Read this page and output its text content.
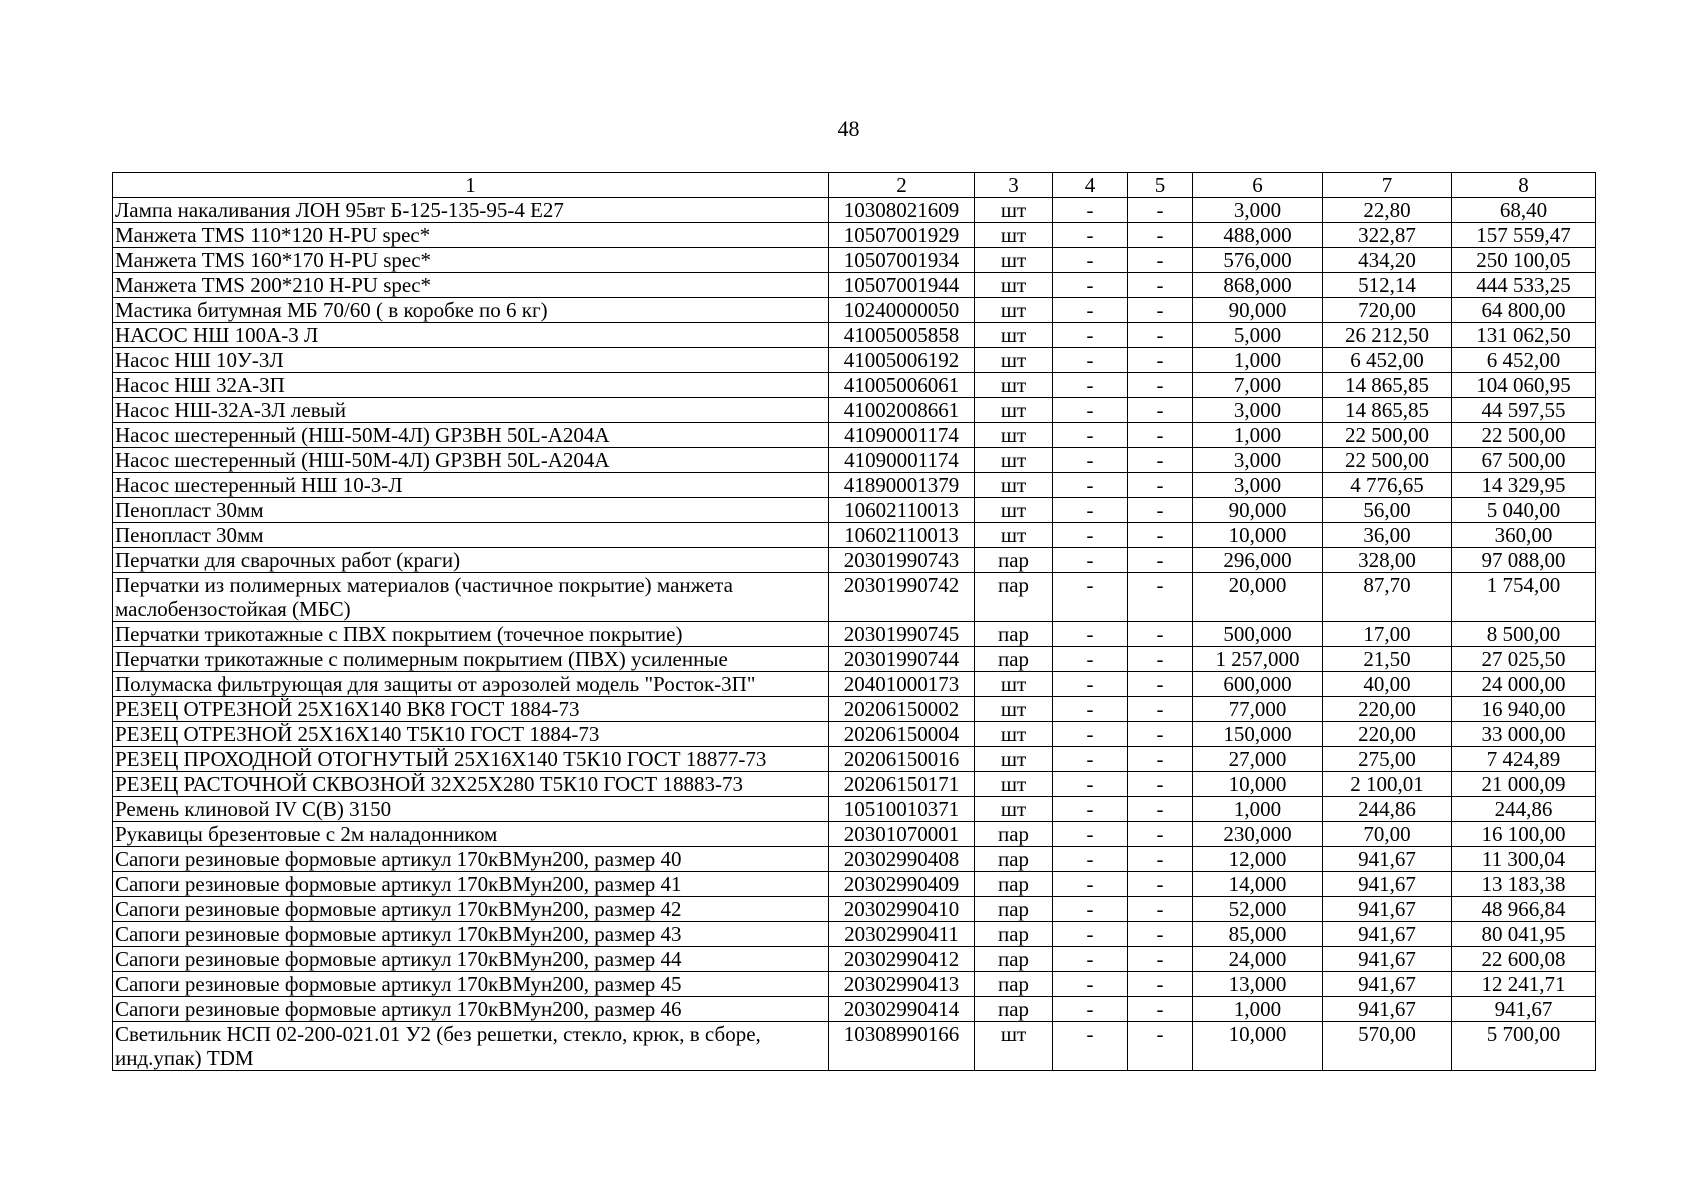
48
1	2	3	4	5	6	7	8
Лампа накаливания ЛОН 95вт Б-125-135-95-4 Е27	10308021609	шт	-	-	3,000	22,80	68,40
Манжета TMS 110*120 H-PU spec*	10507001929	шт	-	-	488,000	322,87	157 559,47
Манжета TMS 160*170 H-PU spec*	10507001934	шт	-	-	576,000	434,20	250 100,05
Манжета TMS 200*210 H-PU spec*	10507001944	шт	-	-	868,000	512,14	444 533,25
Мастика битумная МБ 70/60 ( в коробке по 6 кг)	10240000050	шт	-	-	90,000	720,00	64 800,00
НАСОС НШ 100А-3 Л	41005005858	шт	-	-	5,000	26 212,50	131 062,50
Насос НШ 10У-3Л	41005006192	шт	-	-	1,000	6 452,00	6 452,00
Насос НШ 32А-3П	41005006061	шт	-	-	7,000	14 865,85	104 060,95
Насос НШ-32А-3Л левый	41002008661	шт	-	-	3,000	14 865,85	44 597,55
Насос шестеренный (НШ-50М-4Л) GP3BH 50L-A204A	41090001174	шт	-	-	1,000	22 500,00	22 500,00
Насос шестеренный (НШ-50М-4Л) GP3BH 50L-A204A	41090001174	шт	-	-	3,000	22 500,00	67 500,00
Насос шестеренный НШ 10-3-Л	41890001379	шт	-	-	3,000	4 776,65	14 329,95
Пенопласт 30мм	10602110013	шт	-	-	90,000	56,00	5 040,00
Пенопласт 30мм	10602110013	шт	-	-	10,000	36,00	360,00
Перчатки для сварочных работ (краги)	20301990743	пар	-	-	296,000	328,00	97 088,00
Перчатки из полимерных материалов (частичное покрытие) манжета маслобензостойкая (МБС)	20301990742	пар	-	-	20,000	87,70	1 754,00
Перчатки трикотажные с ПВХ покрытием (точечное покрытие)	20301990745	пар	-	-	500,000	17,00	8 500,00
Перчатки трикотажные с полимерным покрытием (ПВХ) усиленные	20301990744	пар	-	-	1 257,000	21,50	27 025,50
Полумаска фильтрующая для защиты от аэрозолей модель "Росток-3П"	20401000173	шт	-	-	600,000	40,00	24 000,00
РЕЗЕЦ ОТРЕЗНОЙ 25Х16Х140 ВК8 ГОСТ 1884-73	20206150002	шт	-	-	77,000	220,00	16 940,00
РЕЗЕЦ ОТРЕЗНОЙ 25Х16Х140 Т5К10 ГОСТ 1884-73	20206150004	шт	-	-	150,000	220,00	33 000,00
РЕЗЕЦ ПРОХОДНОЙ ОТОГНУТЫЙ 25Х16Х140 Т5К10 ГОСТ 18877-73	20206150016	шт	-	-	27,000	275,00	7 424,89
РЕЗЕЦ РАСТОЧНОЙ СКВОЗНОЙ 32Х25Х280 Т5К10 ГОСТ 18883-73	20206150171	шт	-	-	10,000	2 100,01	21 000,09
Ремень клиновой IV C(B) 3150	10510010371	шт	-	-	1,000	244,86	244,86
Рукавицы брезентовые с 2м наладонником	20301070001	пар	-	-	230,000	70,00	16 100,00
Сапоги резиновые формовые артикул 170кВМун200, размер 40	20302990408	пар	-	-	12,000	941,67	11 300,04
Сапоги резиновые формовые артикул 170кВМун200, размер 41	20302990409	пар	-	-	14,000	941,67	13 183,38
Сапоги резиновые формовые артикул 170кВМун200, размер 42	20302990410	пар	-	-	52,000	941,67	48 966,84
Сапоги резиновые формовые артикул 170кВМун200, размер 43	20302990411	пар	-	-	85,000	941,67	80 041,95
Сапоги резиновые формовые артикул 170кВМун200, размер 44	20302990412	пар	-	-	24,000	941,67	22 600,08
Сапоги резиновые формовые артикул 170кВМун200, размер 45	20302990413	пар	-	-	13,000	941,67	12 241,71
Сапоги резиновые формовые артикул 170кВМун200, размер 46	20302990414	пар	-	-	1,000	941,67	941,67
Светильник НСП 02-200-021.01 У2 (без решетки, стекло, крюк, в сборе, инд.упак) TDM	10308990166	шт	-	-	10,000	570,00	5 700,00
